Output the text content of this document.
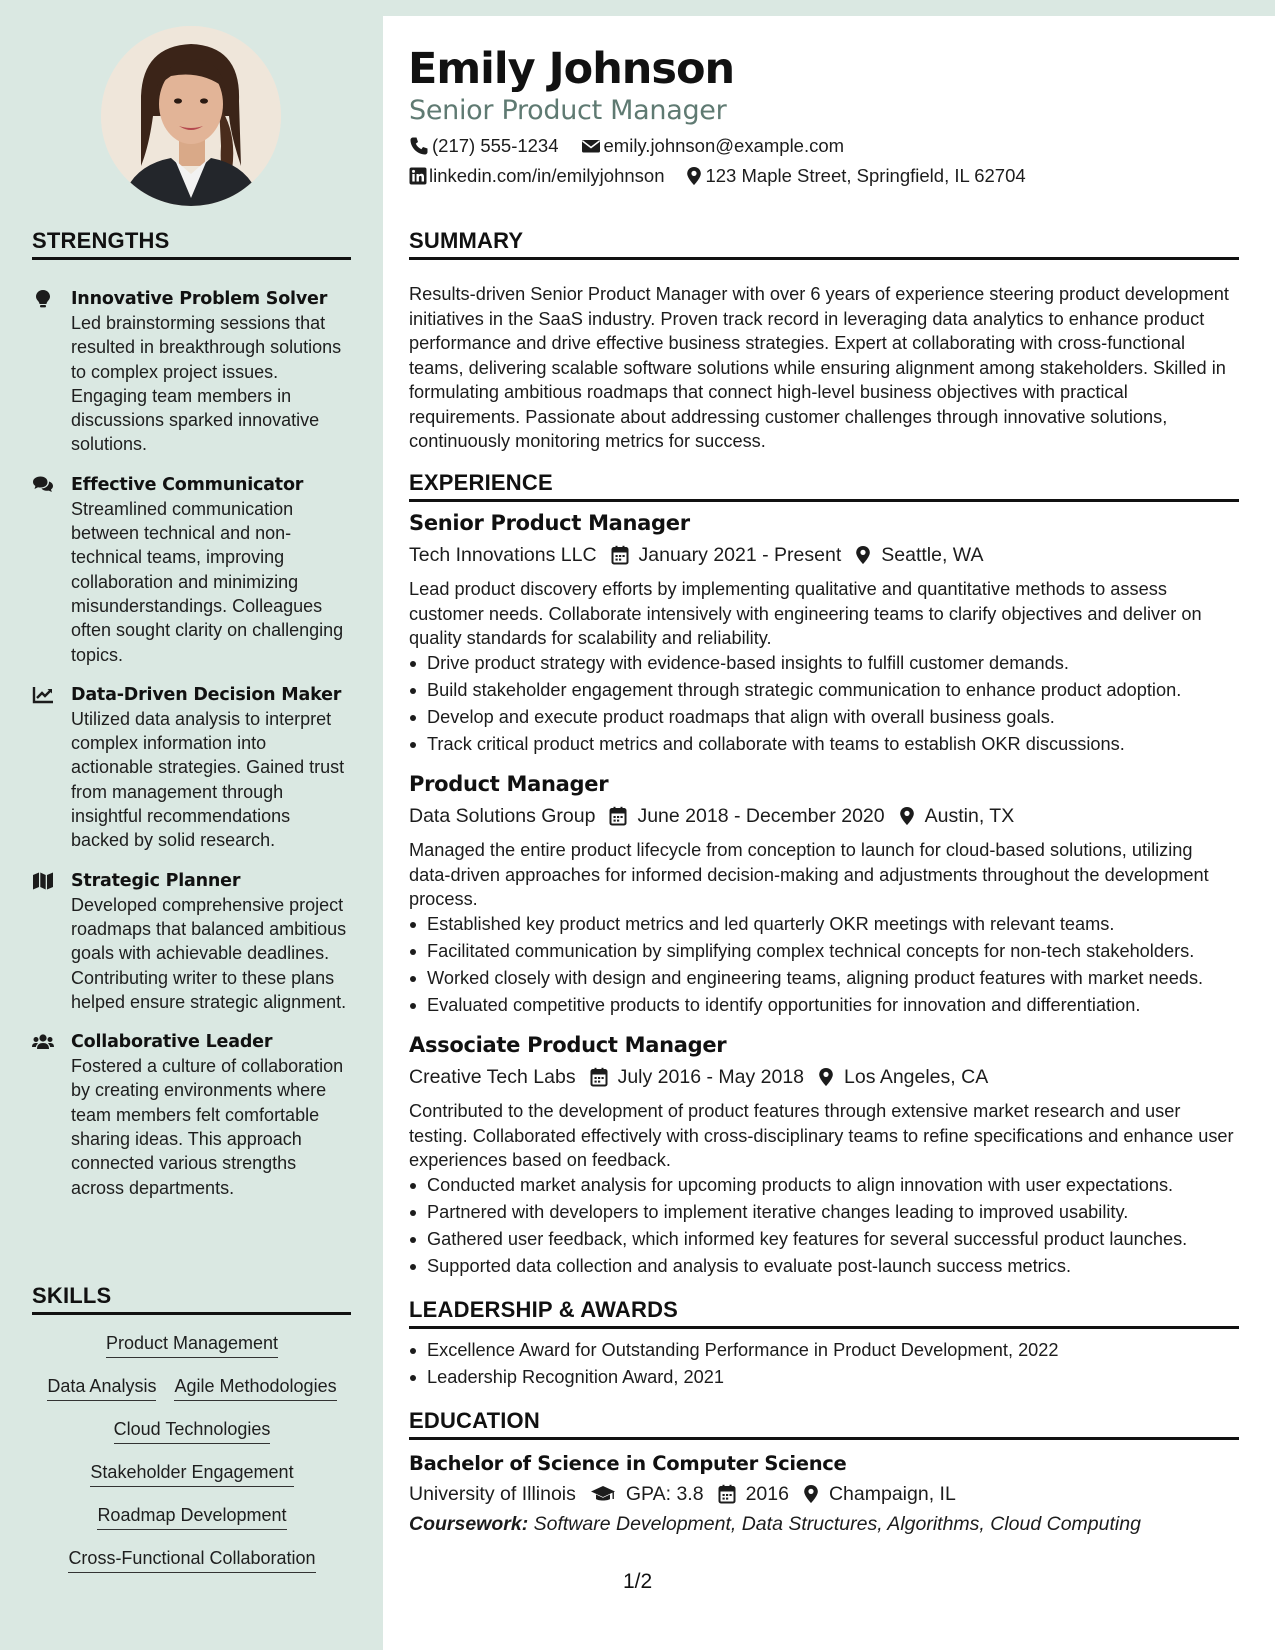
STRENGTHS
Innovative Problem Solver
Led brainstorming sessions that resulted in breakthrough solutions to complex project issues. Engaging team members in discussions sparked innovative solutions.
Effective Communicator
Streamlined communication between technical and non-technical teams, improving collaboration and minimizing misunderstandings. Colleagues often sought clarity on challenging topics.
Data-Driven Decision Maker
Utilized data analysis to interpret complex information into actionable strategies. Gained trust from management through insightful recommendations backed by solid research.
Strategic Planner
Developed comprehensive project roadmaps that balanced ambitious goals with achievable deadlines. Contributing writer to these plans helped ensure strategic alignment.
Collaborative Leader
Fostered a culture of collaboration by creating environments where team members felt comfortable sharing ideas. This approach connected various strengths across departments.
SKILLS
Product Management
Data Analysis Agile Methodologies
Cloud Technologies
Stakeholder Engagement
Roadmap Development
Cross-Functional Collaboration
Emily Johnson
Senior Product Manager
(217) 555-1234 emily.johnson@example.com
linkedin.com/in/emilyjohnson 123 Maple Street, Springfield, IL 62704
SUMMARY
Results-driven Senior Product Manager with over 6 years of experience steering product development initiatives in the SaaS industry. Proven track record in leveraging data analytics to enhance product performance and drive effective business strategies. Expert at collaborating with cross-functional teams, delivering scalable software solutions while ensuring alignment among stakeholders. Skilled in formulating ambitious roadmaps that connect high-level business objectives with practical requirements. Passionate about addressing customer challenges through innovative solutions, continuously monitoring metrics for success.
EXPERIENCE
Senior Product Manager
Tech Innovations LLC January 2021 - Present Seattle, WA
Lead product discovery efforts by implementing qualitative and quantitative methods to assess customer needs. Collaborate intensively with engineering teams to clarify objectives and deliver on quality standards for scalability and reliability.
Drive product strategy with evidence-based insights to fulfill customer demands.
Build stakeholder engagement through strategic communication to enhance product adoption.
Develop and execute product roadmaps that align with overall business goals.
Track critical product metrics and collaborate with teams to establish OKR discussions.
Product Manager
Data Solutions Group June 2018 - December 2020 Austin, TX
Managed the entire product lifecycle from conception to launch for cloud-based solutions, utilizing data-driven approaches for informed decision-making and adjustments throughout the development process.
Established key product metrics and led quarterly OKR meetings with relevant teams.
Facilitated communication by simplifying complex technical concepts for non-tech stakeholders.
Worked closely with design and engineering teams, aligning product features with market needs.
Evaluated competitive products to identify opportunities for innovation and differentiation.
Associate Product Manager
Creative Tech Labs July 2016 - May 2018 Los Angeles, CA
Contributed to the development of product features through extensive market research and user testing. Collaborated effectively with cross-disciplinary teams to refine specifications and enhance user experiences based on feedback.
Conducted market analysis for upcoming products to align innovation with user expectations.
Partnered with developers to implement iterative changes leading to improved usability.
Gathered user feedback, which informed key features for several successful product launches.
Supported data collection and analysis to evaluate post-launch success metrics.
LEADERSHIP & AWARDS
Excellence Award for Outstanding Performance in Product Development, 2022
Leadership Recognition Award, 2021
EDUCATION
Bachelor of Science in Computer Science
University of Illinois	GPA: 3.8 2016 Champaign, IL
Coursework: Software Development, Data Structures, Algorithms, Cloud Computing
1/2
